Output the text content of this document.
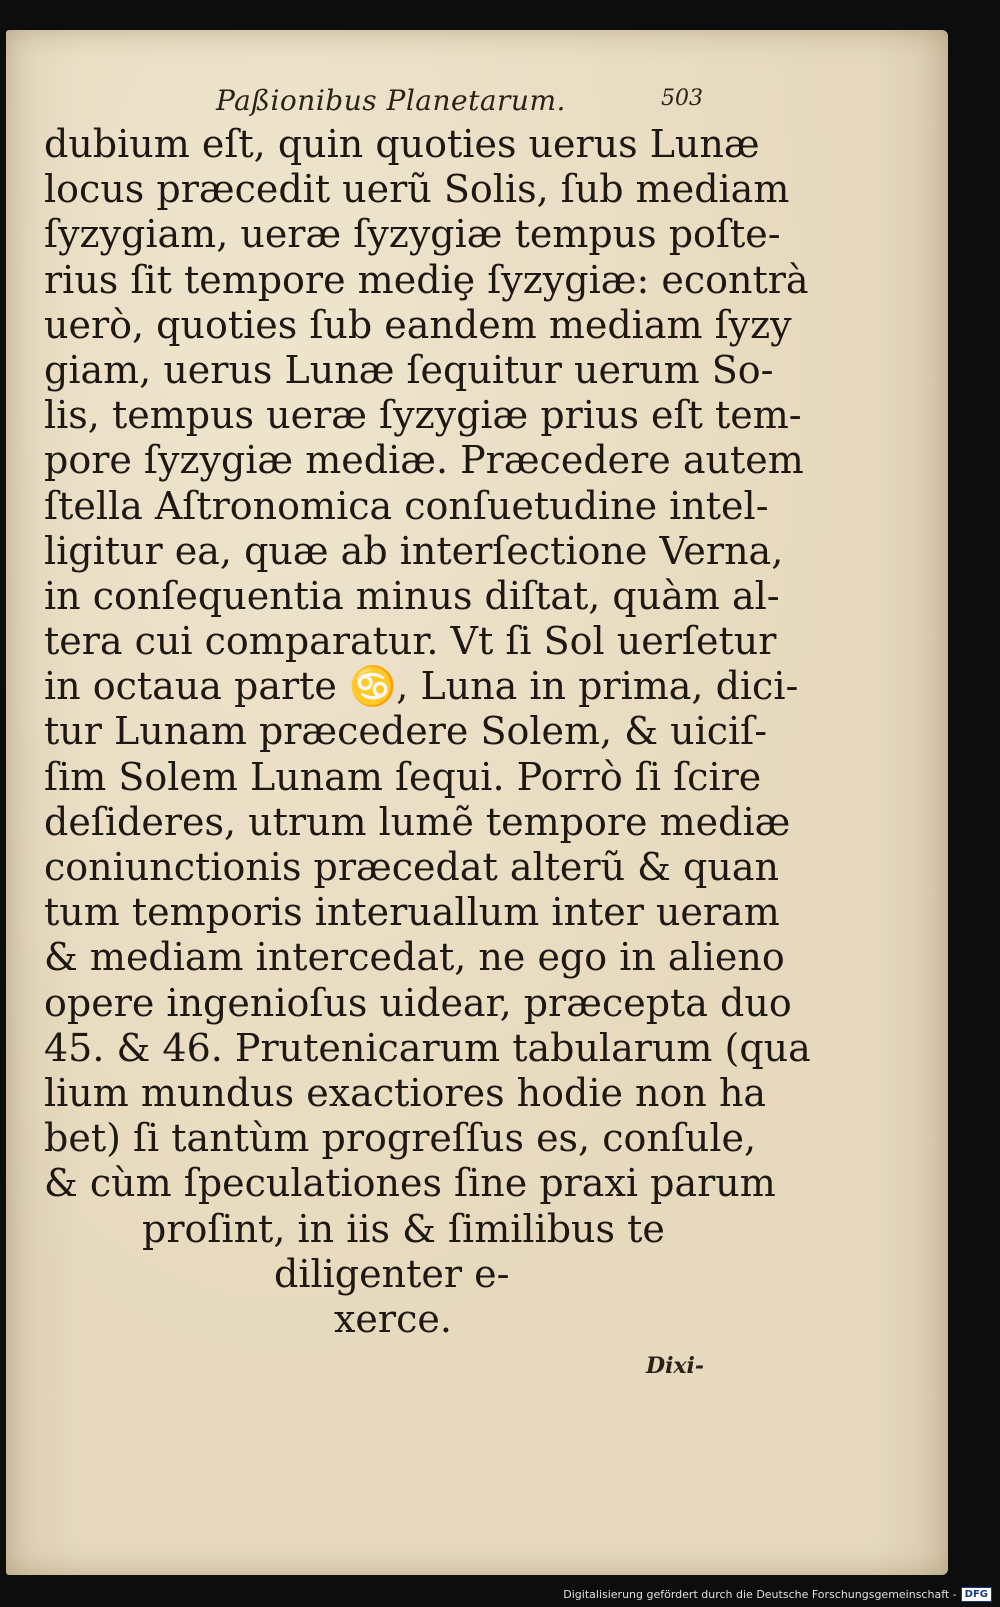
Paßionibus Planetarum.	503
dubium eſt, quin quoties uerus Lunæ
locus præcedit uerũ Solis, ſub mediam
ſyzygiam, ueræ ſyzygiæ tempus poſte-
rius ſit tempore mediȩ ſyzygiæ: econtrà
uerò, quoties ſub eandem mediam ſyzy
giam, uerus Lunæ ſequitur uerum So-
lis, tempus ueræ ſyzygiæ prius eſt tem-
pore ſyzygiæ mediæ. Præcedere autem
ſtella Aſtronomica conſuetudine intel-
ligitur ea, quæ ab interſectione Verna,
in conſequentia minus diſtat, quàm al-
tera cui comparatur. Vt ſi Sol uerſetur
in octaua parte ♋, Luna in prima, dici-
tur Lunam præcedere Solem, & uiciſ-
ſim Solem Lunam ſequi. Porrò ſi ſcire
deſideres, utrum lumẽ tempore mediæ
coniunctionis præcedat alterũ & quan
tum temporis interuallum inter ueram
& mediam intercedat, ne ego in alieno
opere ingenioſus uidear, præcepta duo
45. & 46. Prutenicarum tabularum (qua
lium mundus exactiores hodie non ha
bet) ſi tantùm progreſſus es, conſule,
& cùm ſpeculationes ſine praxi parum
proſint, in iis & ſimilibus te
diligenter e-
xerce.
Dixi-
Digitalisierung gefördert durch die Deutsche Forschungsgemeinschaft - DFG
